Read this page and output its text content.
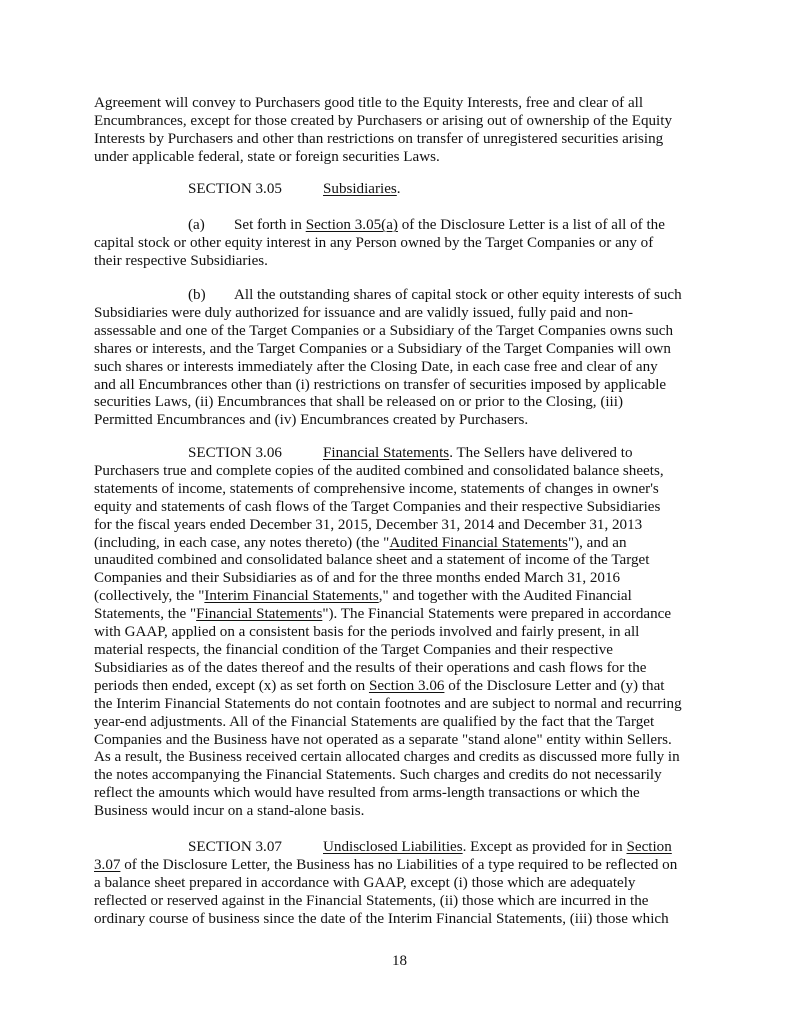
Agreement will convey to Purchasers good title to the Equity Interests, free and clear of all
Encumbrances, except for those created by Purchasers or arising out of ownership of the Equity
Interests by Purchasers and other than restrictions on transfer of unregistered securities arising
under applicable federal, state or foreign securities Laws.
SECTION 3.05	Subsidiaries.
(a) Set forth in Section 3.05(a) of the Disclosure Letter is a list of all of the
capital stock or other equity interest in any Person owned by the Target Companies or any of
their respective Subsidiaries.
(b) All the outstanding shares of capital stock or other equity interests of such
Subsidiaries were duly authorized for issuance and are validly issued, fully paid and non-
assessable and one of the Target Companies or a Subsidiary of the Target Companies owns such
shares or interests, and the Target Companies or a Subsidiary of the Target Companies will own
such shares or interests immediately after the Closing Date, in each case free and clear of any
and all Encumbrances other than (i) restrictions on transfer of securities imposed by applicable
securities Laws, (ii) Encumbrances that shall be released on or prior to the Closing, (iii)
Permitted Encumbrances and (iv) Encumbrances created by Purchasers.
SECTION 3.06	Financial Statements. The Sellers have delivered to
Purchasers true and complete copies of the audited combined and consolidated balance sheets,
statements of income, statements of comprehensive income, statements of changes in owner's
equity and statements of cash flows of the Target Companies and their respective Subsidiaries
for the fiscal years ended December 31, 2015, December 31, 2014 and December 31, 2013
(including, in each case, any notes thereto) (the "Audited Financial Statements"), and an
unaudited combined and consolidated balance sheet and a statement of income of the Target
Companies and their Subsidiaries as of and for the three months ended March 31, 2016
(collectively, the "Interim Financial Statements," and together with the Audited Financial
Statements, the "Financial Statements"). The Financial Statements were prepared in accordance
with GAAP, applied on a consistent basis for the periods involved and fairly present, in all
material respects, the financial condition of the Target Companies and their respective
Subsidiaries as of the dates thereof and the results of their operations and cash flows for the
periods then ended, except (x) as set forth on Section 3.06 of the Disclosure Letter and (y) that
the Interim Financial Statements do not contain footnotes and are subject to normal and recurring
year-end adjustments. All of the Financial Statements are qualified by the fact that the Target
Companies and the Business have not operated as a separate "stand alone" entity within Sellers.
As a result, the Business received certain allocated charges and credits as discussed more fully in
the notes accompanying the Financial Statements. Such charges and credits do not necessarily
reflect the amounts which would have resulted from arms-length transactions or which the
Business would incur on a stand-alone basis.
SECTION 3.07	Undisclosed Liabilities. Except as provided for in Section
3.07 of the Disclosure Letter, the Business has no Liabilities of a type required to be reflected on
a balance sheet prepared in accordance with GAAP, except (i) those which are adequately
reflected or reserved against in the Financial Statements, (ii) those which are incurred in the
ordinary course of business since the date of the Interim Financial Statements, (iii) those which
18
